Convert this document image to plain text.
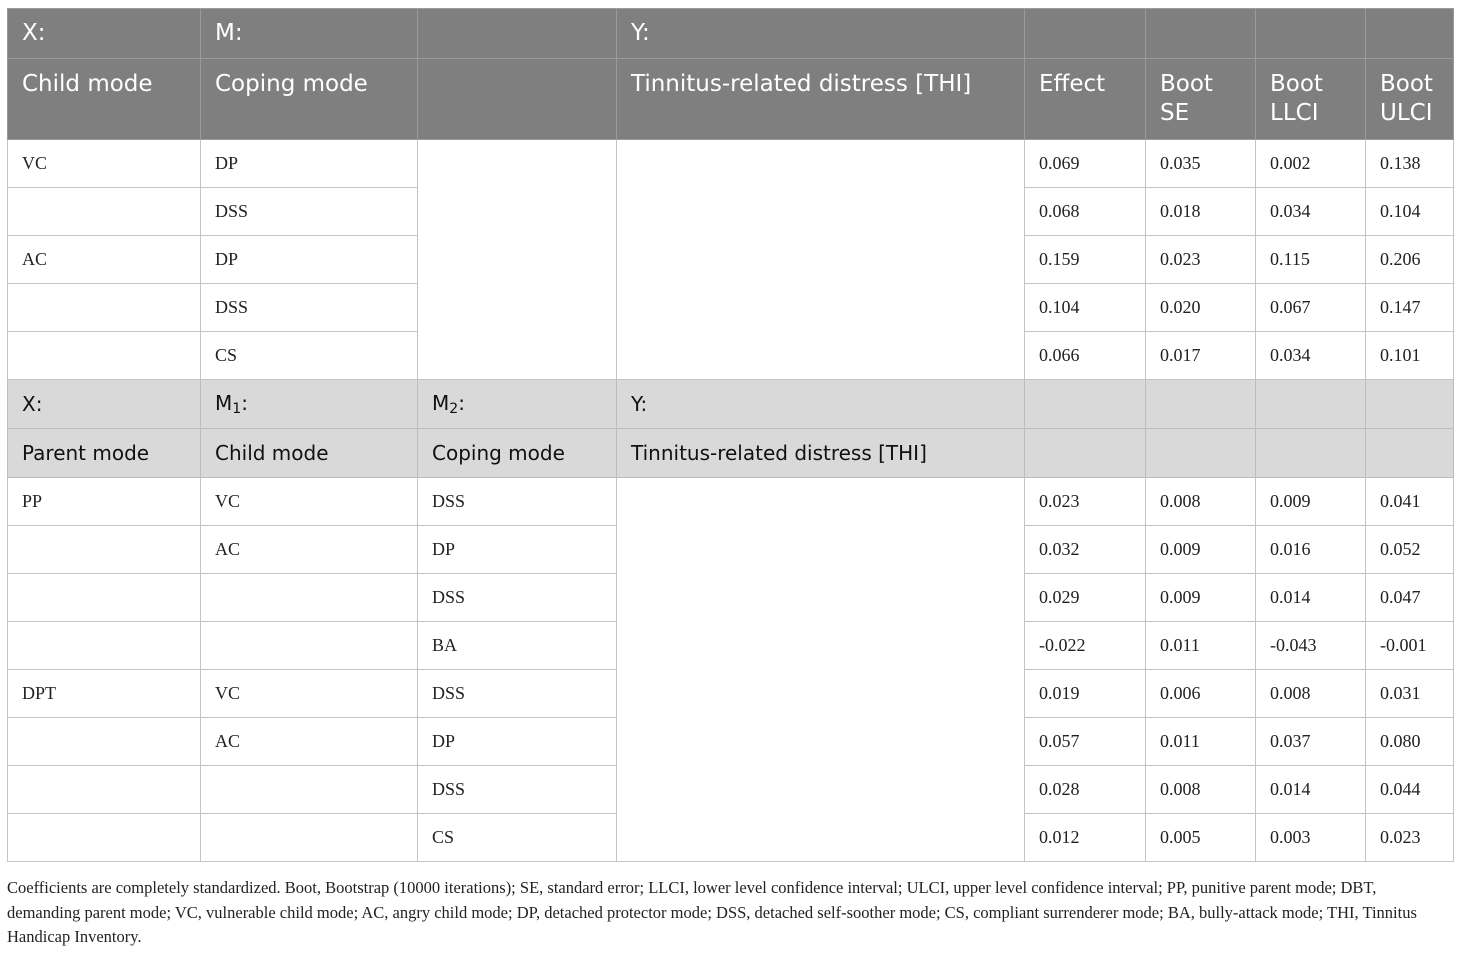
X:	M:		Y:				
Child mode	Coping mode		Tinnitus-related distress [THI]	Effect	Boot SE	Boot LLCI	Boot ULCI
VC	DP			0.069	0.035	0.002	0.138
	DSS			0.068	0.018	0.034	0.104
AC	DP			0.159	0.023	0.115	0.206
	DSS			0.104	0.020	0.067	0.147
	CS			0.066	0.017	0.034	0.101
X:	$M_1$:	$M_2$:	Y:				
Parent mode	Child mode	Coping mode	Tinnitus-related distress [THI]				
PP	VC	DSS		0.023	0.008	0.009	0.041
	AC	DP		0.032	0.009	0.016	0.052
		DSS		0.029	0.009	0.014	0.047
		BA		-0.022	0.011	-0.043	-0.001
DPT	VC	DSS		0.019	0.006	0.008	0.031
	AC	DP		0.057	0.011	0.037	0.080
		DSS		0.028	0.008	0.014	0.044
		CS		0.012	0.005	0.003	0.023
Coefficients are completely standardized. Boot, Bootstrap (10000 iterations); SE, standard error; LLCI, lower level confidence interval; ULCI, upper level confidence interval; PP, punitive parent mode; DBT, demanding parent mode; VC, vulnerable child mode; AC, angry child mode; DP, detached protector mode; DSS, detached self-soother mode; CS, compliant surrenderer mode; BA, bully-attack mode; THI, Tinnitus Handicap Inventory.
